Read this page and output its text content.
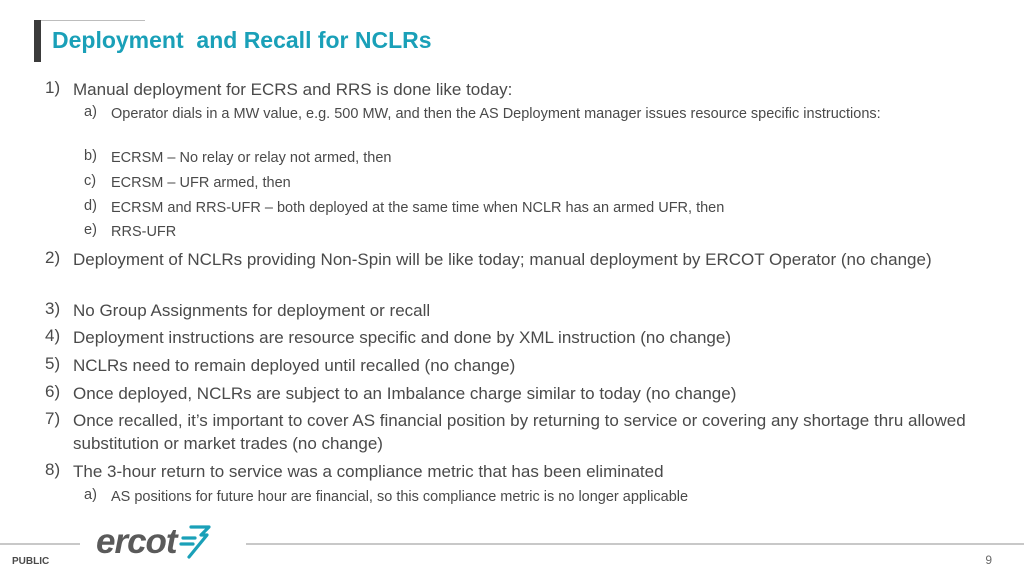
Deployment  and Recall for NCLRs
1) Manual deployment for ECRS and RRS is done like today:
a) Operator dials in a MW value, e.g. 500 MW, and then the AS Deployment manager issues resource specific instructions:
b) ECRSM – No relay or relay not armed, then
c) ECRSM – UFR armed, then
d) ECRSM and RRS-UFR – both deployed at the same time when NCLR has an armed UFR, then
e) RRS-UFR
2) Deployment of NCLRs providing Non-Spin will be like today; manual deployment by ERCOT Operator (no change)
3) No Group Assignments for deployment or recall
4) Deployment instructions are resource specific and done by XML instruction (no change)
5) NCLRs need to remain deployed until recalled (no change)
6) Once deployed, NCLRs are subject to an Imbalance charge similar to today (no change)
7) Once recalled, it’s important to cover AS financial position by returning to service or covering any shortage thru allowed substitution or market trades (no change)
8) The 3-hour return to service was a compliance metric that has been eliminated
a) AS positions for future hour are financial, so this compliance metric is no longer applicable
ercot
PUBLIC	9
